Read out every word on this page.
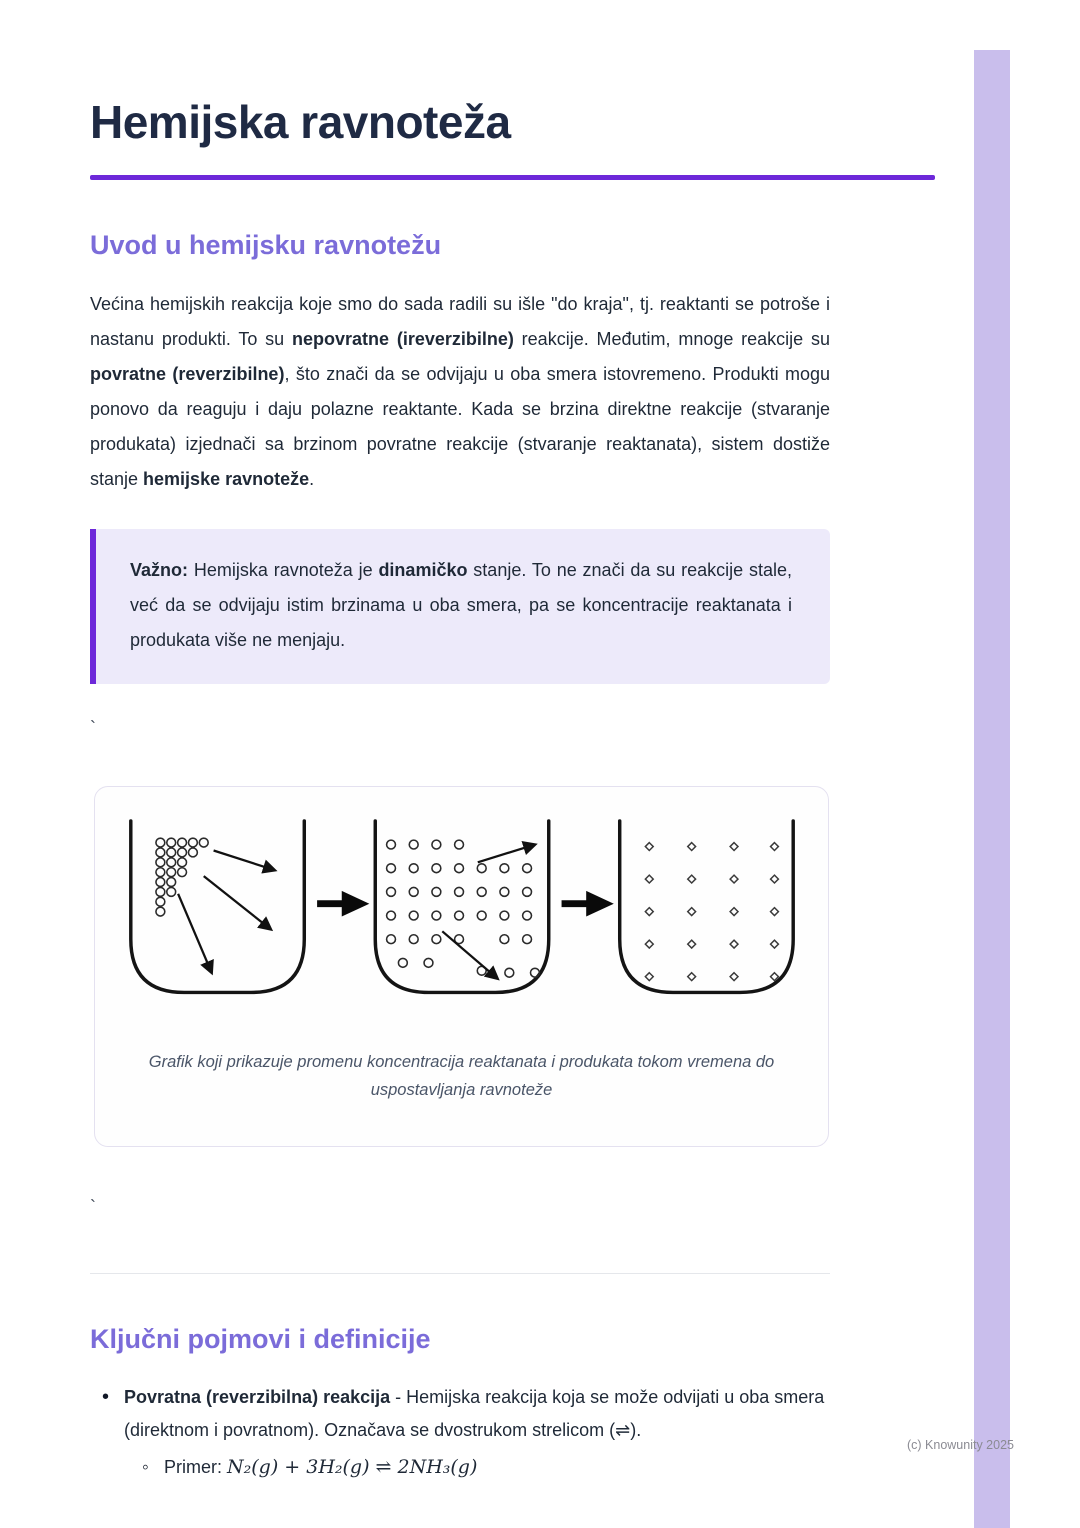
Hemijska ravnoteža
Uvod u hemijsku ravnotežu

Većina hemijskih reakcija koje smo do sada radili su išle "do kraja", tj. reaktanti se potroše i nastanu produkti. To su nepovratne (ireverzibilne) reakcije. Međutim, mnoge reakcije su povratne (reverzibilne), što znači da se odvijaju u oba smera istovremeno. Produkti mogu ponovo da reaguju i daju polazne reaktante. Kada se brzina direktne reakcije (stvaranje produkata) izjednači sa brzinom povratne reakcije (stvaranje reaktanata), sistem dostiže stanje hemijske ravnoteže.

Važno: Hemijska ravnoteža je dinamičko stanje. To ne znači da su reakcije stale, već da se odvijaju istim brzinama u oba smera, pa se koncentracije reaktanata i produkata više ne menjaju.

`
Grafik koji prikazuje promenu koncentracija reaktanata i produkata tokom vremena do uspostavljanja ravnoteže
`
Ključni pojmovi i definicije
• Povratna (reverzibilna) reakcija - Hemijska reakcija koja se može odvijati u oba smera (direktnom i povratnom). Označava se dvostrukom strelicom (⇌).
◦ Primer: N₂(g) + 3H₂(g) ⇌ 2NH₃(g)
(c) Knowunity 2025
